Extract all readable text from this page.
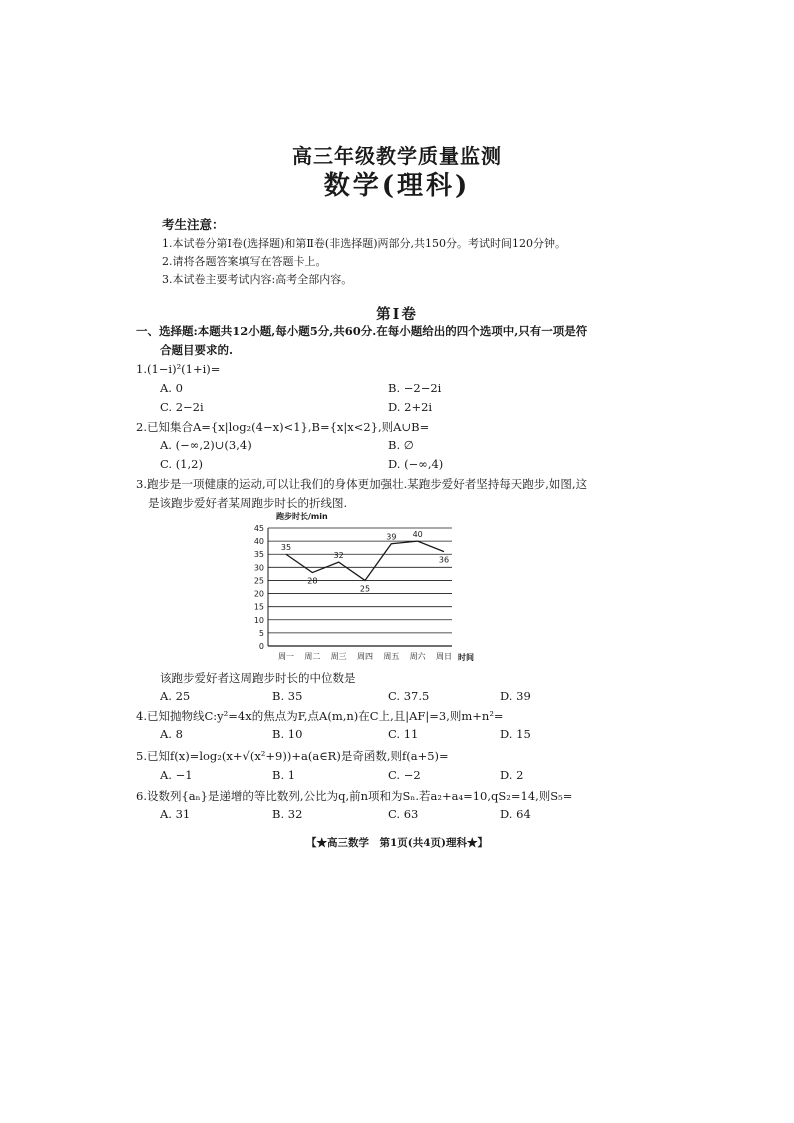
高三年级教学质量监测
数学(理科)
考生注意：
1.本试卷分第Ⅰ卷(选择题)和第Ⅱ卷(非选择题)两部分,共150分。考试时间120分钟。
2.请将各题答案填写在答题卡上。
3.本试卷主要考试内容:高考全部内容。
第Ⅰ卷
一、选择题:本题共12小题,每小题5分,共60分.在每小题给出的四个选项中,只有一项是符
合题目要求的.
1.(1−i)²(1+i)=
A. 0	B. −2−2i
C. 2−2i	D. 2+2i
2.已知集合A={x|log₂(4−x)<1},B={x|x<2},则A∪B=
A. (−∞,2)∪(3,4)	B. ∅
C. (1,2)	D. (−∞,4)
3.跑步是一项健康的运动,可以让我们的身体更加强壮.某跑步爱好者坚持每天跑步,如图,这
是该跑步爱好者某周跑步时长的折线图.
0
5
10
15
20
25
30
35
40
45
周一 周二 周三 周四 周五 周六 周日
跑步时长/min
时间
35
28
32
25
39 40
36
该跑步爱好者这周跑步时长的中位数是
A. 25	B. 35	C. 37.5	D. 39
4.已知抛物线C:y²=4x的焦点为F,点A(m,n)在C上,且|AF|=3,则m+n²=
A. 8	B. 10	C. 11	D. 15
5.已知f(x)=log₂(x+√(x²+9))+a(a∈R)是奇函数,则f(a+5)=
A. −1	B. 1	C. −2	D. 2
6.设数列{aₙ}是递增的等比数列,公比为q,前n项和为Sₙ.若a₂+a₄=10,qS₂=14,则S₅=
A. 31	B. 32	C. 63	D. 64
【★高三数学　第1页(共4页)理科★】
